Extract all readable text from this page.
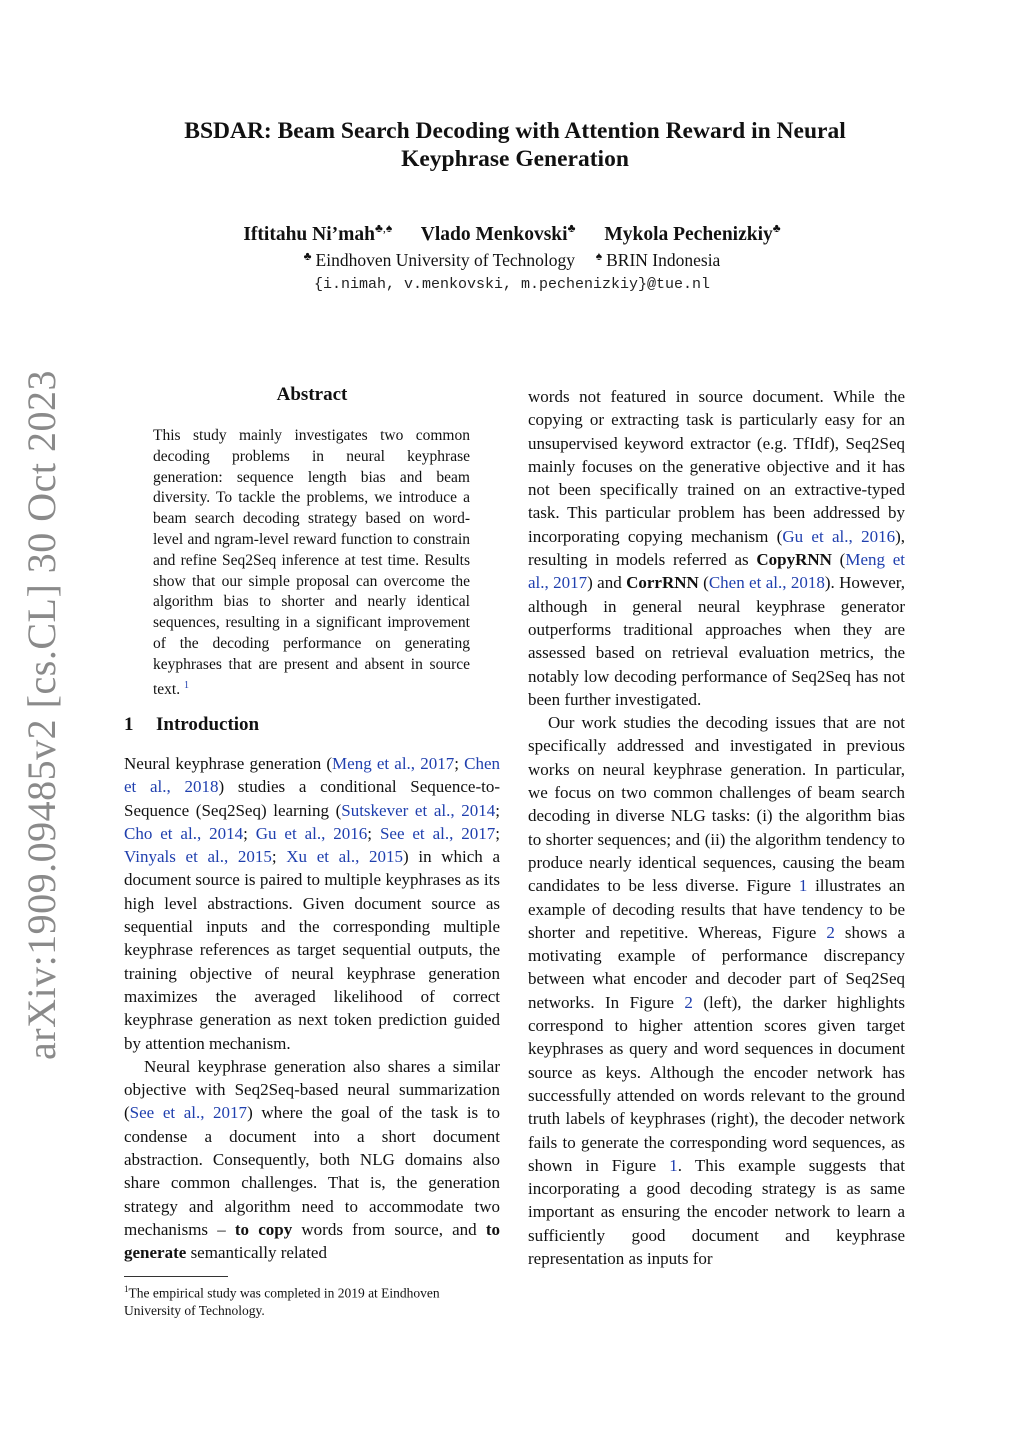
arXiv:1909.09485v2 [cs.CL] 30 Oct 2023
BSDAR: Beam Search Decoding with Attention Reward in Neural
Keyphrase Generation
Iftitahu Ni’mah♣,♠ Vlado Menkovski♣ Mykola Pechenizkiy♣
♣ Eindhoven University of Technology ♠ BRIN Indonesia
{i.nimah, v.menkovski, m.pechenizkiy}@tue.nl
Abstract
This study mainly investigates two common decoding problems in neural keyphrase generation: sequence length bias and beam diversity. To tackle the problems, we introduce a beam search decoding strategy based on word-level and ngram-level reward function to constrain and refine Seq2Seq inference at test time. Results show that our simple proposal can overcome the algorithm bias to shorter and nearly identical sequences, resulting in a significant improvement of the decoding performance on generating keyphrases that are present and absent in source text. $^1$
1 Introduction

Neural keyphrase generation (Meng et al., 2017; Chen et al., 2018) studies a conditional Sequence-to-Sequence (Seq2Seq) learning (Sutskever et al., 2014; Cho et al., 2014; Gu et al., 2016; See et al., 2017; Vinyals et al., 2015; Xu et al., 2015) in which a document source is paired to multiple keyphrases as its high level abstractions. Given document source as sequential inputs and the corresponding multiple keyphrase references as target sequential outputs, the training objective of neural keyphrase generation maximizes the averaged likelihood of correct keyphrase generation as next token prediction guided by attention mechanism.

Neural keyphrase generation also shares a similar objective with Seq2Seq-based neural summarization (See et al., 2017) where the goal of the task is to condense a document into a short document abstraction. Consequently, both NLG domains also share common challenges. That is, the generation strategy and algorithm need to accommodate two mechanisms – to copy words from source, and to generate semantically related

words not featured in source document. While the copying or extracting task is particularly easy for an unsupervised keyword extractor (e.g. TfIdf), Seq2Seq mainly focuses on the generative objective and it has not been specifically trained on an extractive-typed task. This particular problem has been addressed by incorporating copying mechanism (Gu et al., 2016), resulting in models referred as CopyRNN (Meng et al., 2017) and CorrRNN (Chen et al., 2018). However, although in general neural keyphrase generator outperforms traditional approaches when they are assessed based on retrieval evaluation metrics, the notably low decoding performance of Seq2Seq has not been further investigated.

Our work studies the decoding issues that are not specifically addressed and investigated in previous works on neural keyphrase generation. In particular, we focus on two common challenges of beam search decoding in diverse NLG tasks: (i) the algorithm bias to shorter sequences; and (ii) the algorithm tendency to produce nearly identical sequences, causing the beam candidates to be less diverse. Figure 1 illustrates an example of decoding results that have tendency to be shorter and repetitive. Whereas, Figure 2 shows a motivating example of performance discrepancy between what encoder and decoder part of Seq2Seq networks. In Figure 2 (left), the darker highlights correspond to higher attention scores given target keyphrases as query and word sequences in document source as keys. Although the encoder network has successfully attended on words relevant to the ground truth labels of keyphrases (right), the decoder network fails to generate the corresponding word sequences, as shown in Figure 1. This example suggests that incorporating a good decoding strategy is as same important as ensuring the encoder network to learn a sufficiently good document and keyphrase representation as inputs for

$^1$The empirical study was completed in 2019 at Eindhoven University of Technology.
